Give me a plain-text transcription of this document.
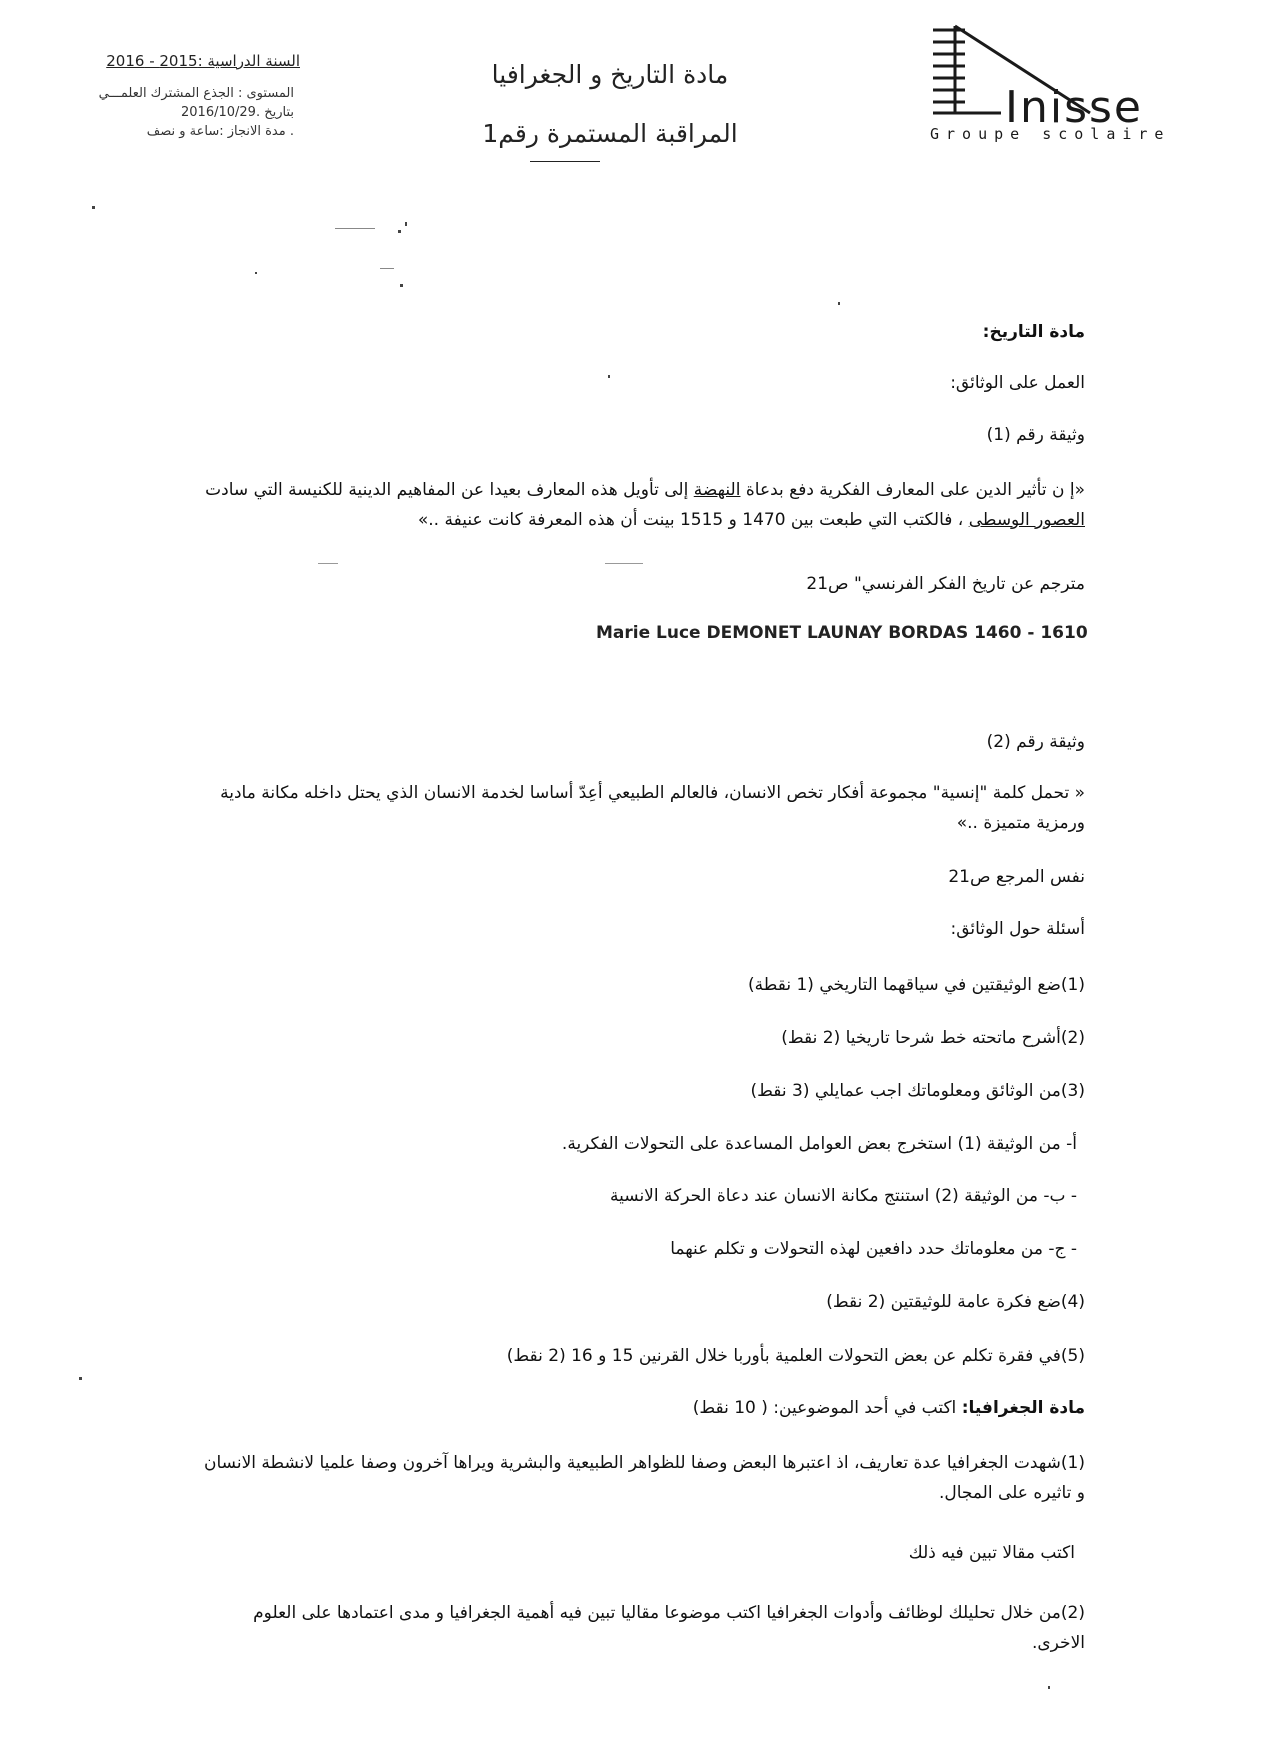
السنة الدراسية :2015 - 2016
المستوى : الجذع المشترك العلمـــي
بتاريخ .2016/10/29
. مدة الانجاز :ساعة و نصف
مادة التاريخ و الجغرافيا
المراقبة المستمرة رقم1
Inisse
Groupe scolaire
مادة التاريخ:
العمل على الوثائق:
وثيقة رقم (1)
«إ ن تأثير الدين على المعارف الفكرية دفع بدعاة النهضة إلى تأويل هذه المعارف بعيدا عن المفاهيم الدينية للكنيسة التي سادت
العصور الوسطى ، فالكتب التي طبعت بين 1470 و 1515 بينت أن هذه المعرفة كانت عنيفة ..»
مترجم عن تاريخ الفكر الفرنسي" ص21
Marie Luce DEMONET LAUNAY BORDAS 1460 - 1610
وثيقة رقم (2)
« تحمل كلمة "إنسية" مجموعة أفكار تخص الانسان، فالعالم الطبيعي أعِدّ أساسا لخدمة الانسان الذي يحتل داخله مكانة مادية
ورمزية متميزة ..»
نفس المرجع ص21
أسئلة حول الوثائق:
(1)ضع الوثيقتين في سياقهما التاريخي (1 نقطة)
(2)أشرح ماتحته خط شرحا تاريخيا (2 نقط)
(3)من الوثائق ومعلوماتك اجب عمايلي (3 نقط)
أ- من الوثيقة (1) استخرج بعض العوامل المساعدة على التحولات الفكرية.
- ب- من الوثيقة (2) استنتج مكانة الانسان عند دعاة الحركة الانسية
- ج- من معلوماتك حدد دافعين لهذه التحولات و تكلم عنهما
(4)ضع فكرة عامة للوثيقتين (2 نقط)
(5)في فقرة تكلم عن بعض التحولات العلمية بأوربا خلال القرنين 15 و 16 (2 نقط)
مادة الجغرافيا: اكتب في أحد الموضوعين: ( 10 نقط)
(1)شهدت الجغرافيا عدة تعاريف، اذ اعتبرها البعض وصفا للظواهر الطبيعية والبشرية ويراها آخرون وصفا علميا لانشطة الانسان
و تاثيره على المجال.
اكتب مقالا تبين فيه ذلك
(2)من خلال تحليلك لوظائف وأدوات الجغرافيا اكتب موضوعا مقاليا تبين فيه أهمية الجغرافيا و مدى اعتمادها على العلوم
الاخرى.
